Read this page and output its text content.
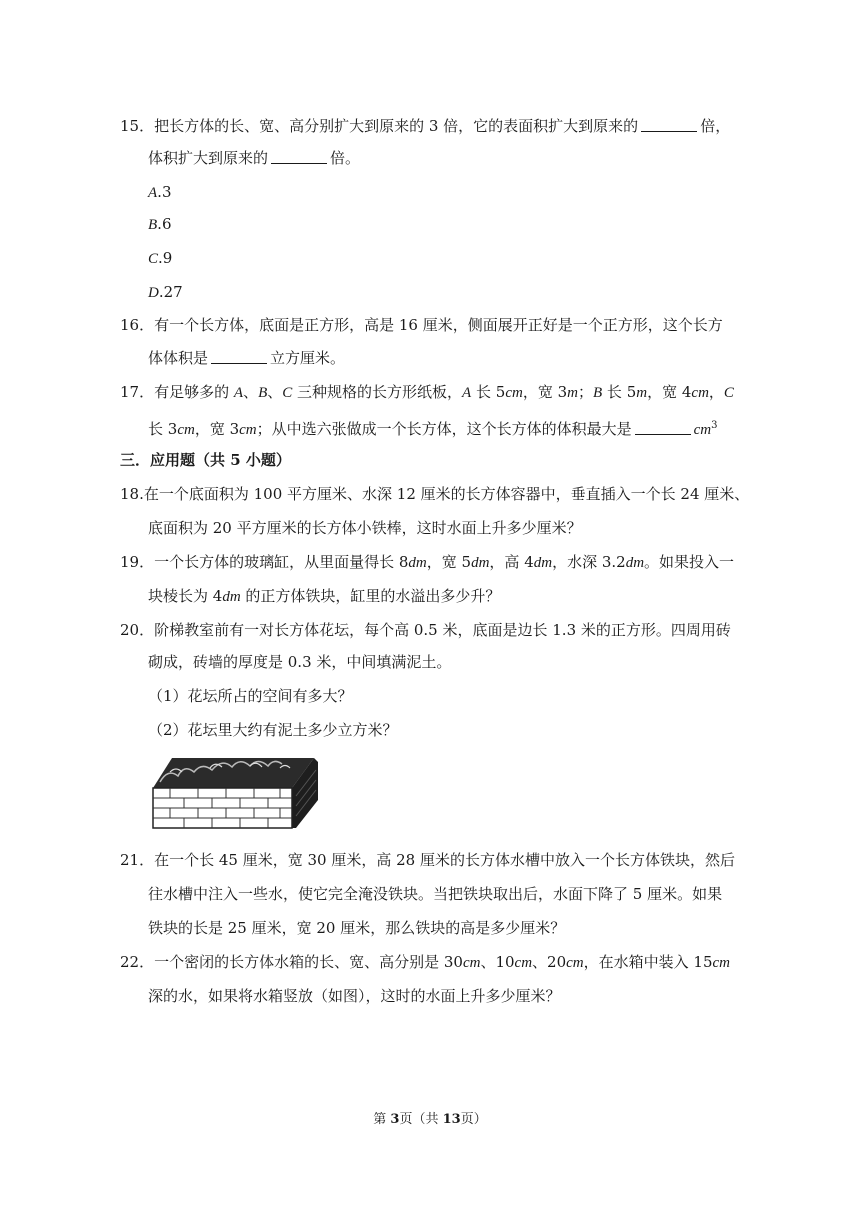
15．把长方体的长、宽、高分别扩大到原来的 3 倍，它的表面积扩大到原来的	倍，
体积扩大到原来的	倍。
A.3
B.6
C.9
D.27
16．有一个长方体，底面是正方形，高是 16 厘米，侧面展开正好是一个正方形，这个长方
体体积是	立方厘米。
17．有足够多的 A、B、C 三种规格的长方形纸板，A 长 5cm，宽 3m；B 长 5m，宽 4cm，C
长 3cm，宽 3cm；从中选六张做成一个长方体，这个长方体的体积最大是	$cm^3$
三．应用题（共 5 小题）
18.在一个底面积为 100 平方厘米、水深 12 厘米的长方体容器中，垂直插入一个长 24 厘米、
底面积为 20 平方厘米的长方体小铁棒，这时水面上升多少厘米？
19．一个长方体的玻璃缸，从里面量得长 8dm，宽 5dm，高 4dm，水深 3.2dm。如果投入一
块棱长为 4dm 的正方体铁块，缸里的水溢出多少升？
20．阶梯教室前有一对长方体花坛，每个高 0.5 米，底面是边长 1.3 米的正方形。四周用砖
砌成，砖墙的厚度是 0.3 米，中间填满泥土。
（1）花坛所占的空间有多大？
（2）花坛里大约有泥土多少立方米？
21．在一个长 45 厘米，宽 30 厘米，高 28 厘米的长方体水槽中放入一个长方体铁块，然后
往水槽中注入一些水，使它完全淹没铁块。当把铁块取出后，水面下降了 5 厘米。如果
铁块的长是 25 厘米，宽 20 厘米，那么铁块的高是多少厘米？
22．一个密闭的长方体水箱的长、宽、高分别是 30cm、10cm、20cm，在水箱中装入 15cm
深的水，如果将水箱竖放（如图），这时的水面上升多少厘米？
第 3页（共 13页）
